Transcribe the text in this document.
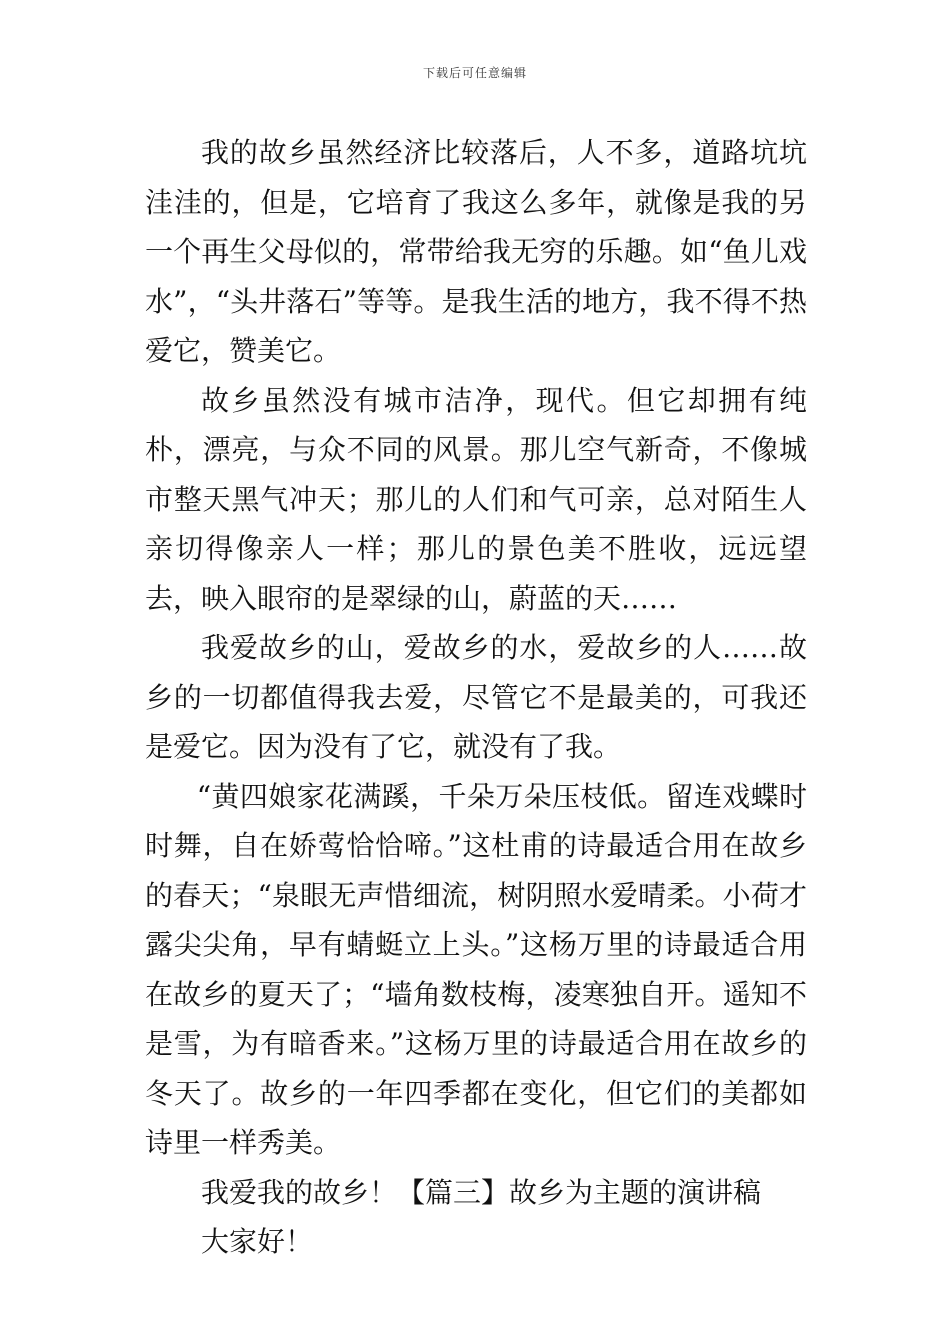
下载后可任意编辑

我的故乡虽然经济比较落后，人不多，道路坑坑洼洼的，但是，它培育了我这么多年，就像是我的另一个再生父母似的，常带给我无穷的乐趣。如“鱼儿戏水”，“头井落石”等等。是我生活的地方，我不得不热爱它，赞美它。

故乡虽然没有城市洁净，现代。但它却拥有纯朴，漂亮，与众不同的风景。那儿空气新奇，不像城市整天黑气冲天；那儿的人们和气可亲，总对陌生人亲切得像亲人一样；那儿的景色美不胜收，远远望去，映入眼帘的是翠绿的山，蔚蓝的天……

我爱故乡的山，爱故乡的水，爱故乡的人……故乡的一切都值得我去爱，尽管它不是最美的，可我还是爱它。因为没有了它，就没有了我。

“黄四娘家花满蹊，千朵万朵压枝低。留连戏蝶时时舞，自在娇莺恰恰啼。”这杜甫的诗最适合用在故乡的春天；“泉眼无声惜细流，树阴照水爱晴柔。小荷才露尖尖角，早有蜻蜓立上头。”这杨万里的诗最适合用在故乡的夏天了；“墙角数枝梅，凌寒独自开。遥知不是雪，为有暗香来。”这杨万里的诗最适合用在故乡的冬天了。故乡的一年四季都在变化，但它们的美都如诗里一样秀美。

我爱我的故乡！【篇三】故乡为主题的演讲稿

大家好！
